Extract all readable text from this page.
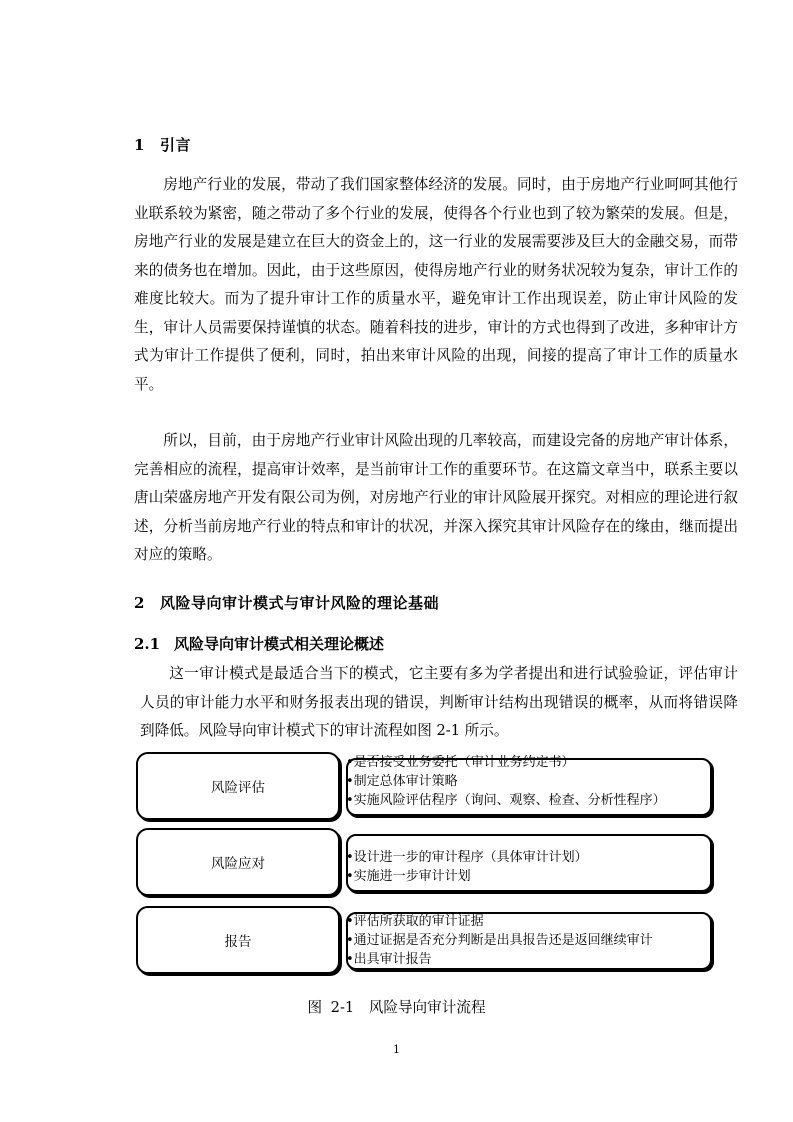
1 引言

房地产行业的发展，带动了我们国家整体经济的发展。同时，由于房地产行业呵呵其他行业联系较为紧密，随之带动了多个行业的发展，使得各个行业也到了较为繁荣的发展。但是，房地产行业的发展是建立在巨大的资金上的，这一行业的发展需要涉及巨大的金融交易，而带来的债务也在增加。因此，由于这些原因，使得房地产行业的财务状况较为复杂，审计工作的难度比较大。而为了提升审计工作的质量水平，避免审计工作出现误差，防止审计风险的发生，审计人员需要保持谨慎的状态。随着科技的进步，审计的方式也得到了改进，多种审计方式为审计工作提供了便利，同时，拍出来审计风险的出现，间接的提高了审计工作的质量水平。

所以，目前，由于房地产行业审计风险出现的几率较高，而建设完备的房地产审计体系，完善相应的流程，提高审计效率，是当前审计工作的重要环节。在这篇文章当中，联系主要以唐山荣盛房地产开发有限公司为例，对房地产行业的审计风险展开探究。对相应的理论进行叙述，分析当前房地产行业的特点和审计的状况，并深入探究其审计风险存在的缘由，继而提出对应的策略。

2 风险导向审计模式与审计风险的理论基础
2.1 风险导向审计模式相关理论概述

这一审计模式是最适合当下的模式，它主要有多为学者提出和进行试验验证，评估审计人员的审计能力水平和财务报表出现的错误，判断审计结构出现错误的概率，从而将错误降到降低。风险导向审计模式下的审计流程如图 2-1 所示。

风险评估
• 是否接受业务委托（审计业务约定书）
• 制定总体审计策略
• 实施风险评估程序（询问、观察、检查、分析性程序）
风险应对
•	设计进一步的审计程序（具体审计计划）
• 实施进一步审计计划
报告
• 评估所获取的审计证据
• 通过证据是否充分判断是出具报告还是返回继续审计
• 出具审计报告
图 2-1　风险导向审计流程
1
